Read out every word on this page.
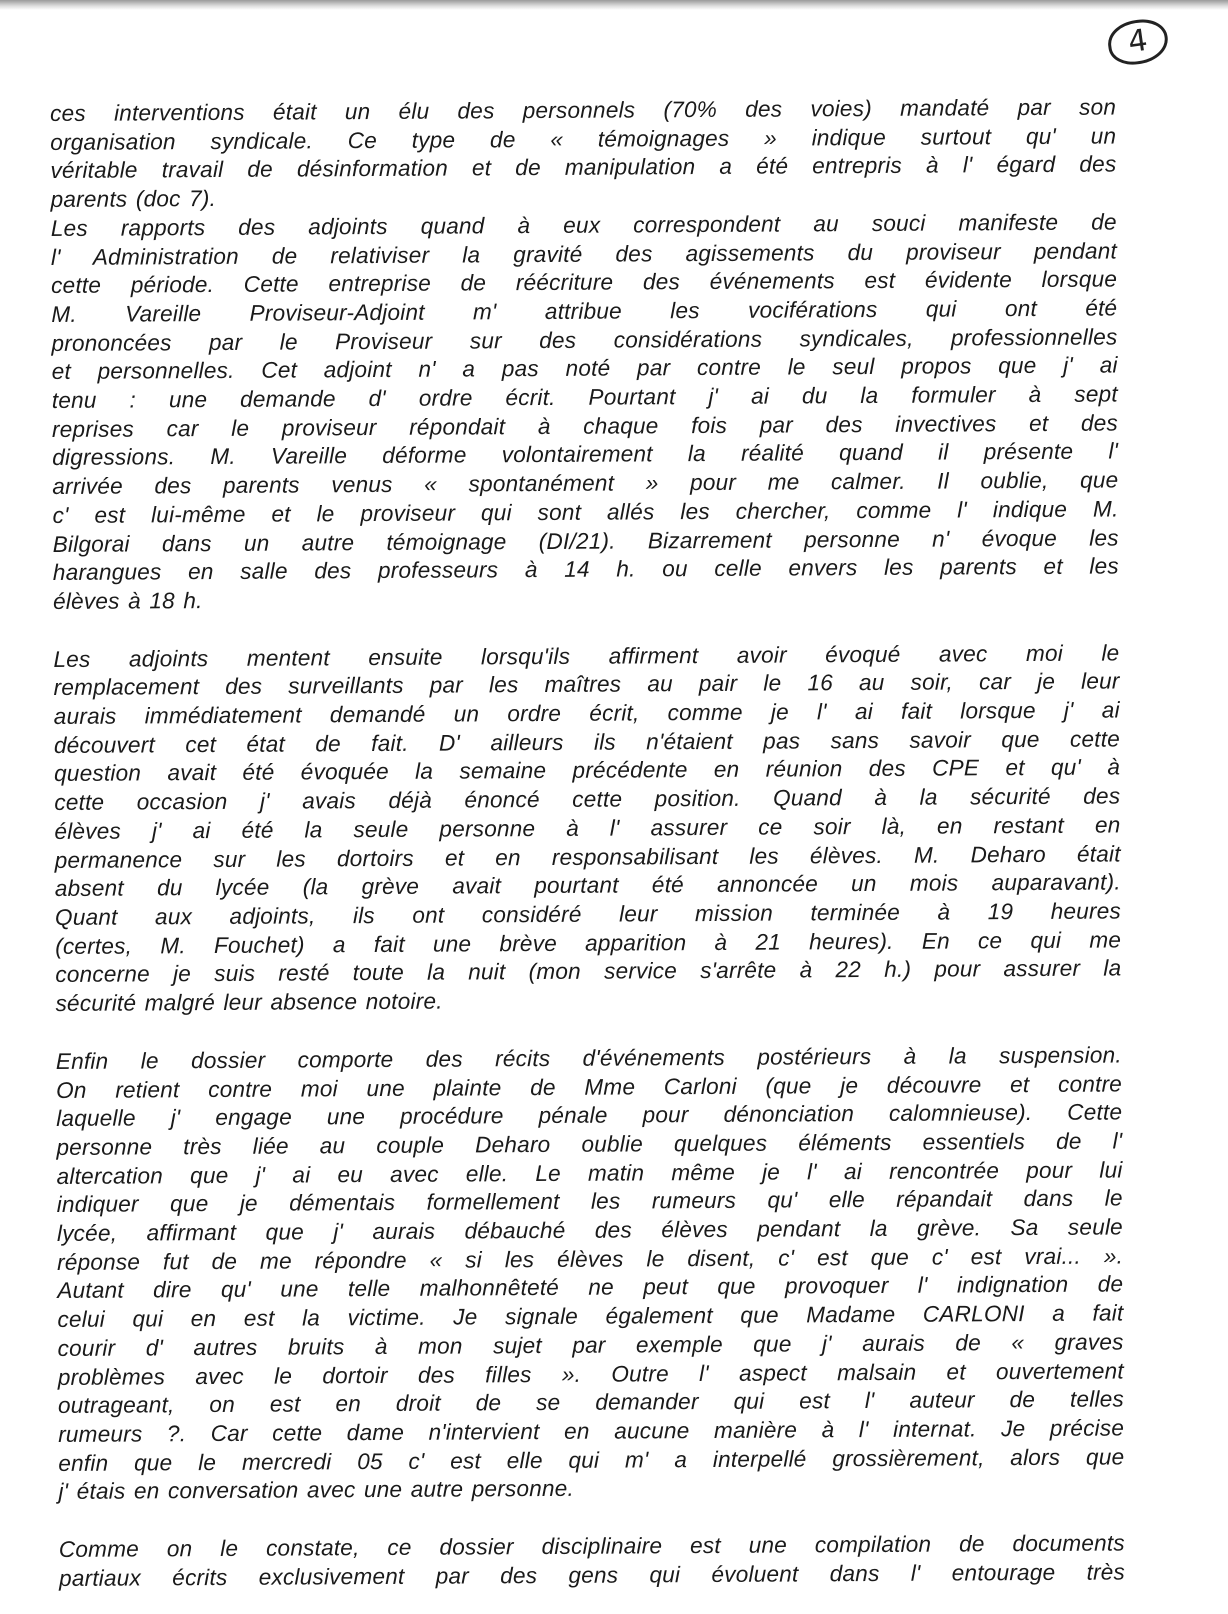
4

ces interventions était un élu des personnels (70% des voies) mandaté par son
organisation syndicale. Ce type de « témoignages » indique surtout qu' un
véritable travail de désinformation et de manipulation a été entrepris à l' égard des
parents (doc 7).

Les rapports des adjoints quand à eux correspondent au souci manifeste de
l' Administration de relativiser la gravité des agissements du proviseur pendant
cette période. Cette entreprise de réécriture des événements est évidente lorsque
M. Vareille Proviseur-Adjoint m' attribue les vociférations qui ont été
prononcées par le Proviseur sur des considérations syndicales, professionnelles
et personnelles. Cet adjoint n' a pas noté par contre le seul propos que j' ai
tenu : une demande d' ordre écrit. Pourtant j' ai du la formuler à sept
reprises car le proviseur répondait à chaque fois par des invectives et des
digressions. M. Vareille déforme volontairement la réalité quand il présente l'
arrivée des parents venus « spontanément » pour me calmer. Il oublie, que
c' est lui-même et le proviseur qui sont allés les chercher, comme l' indique M.
Bilgorai dans un autre témoignage (DI/21). Bizarrement personne n' évoque les
harangues en salle des professeurs à 14 h. ou celle envers les parents et les
élèves à 18 h.

Les adjoints mentent ensuite lorsqu'ils affirment avoir évoqué avec moi le
remplacement des surveillants par les maîtres au pair le 16 au soir, car je leur
aurais immédiatement demandé un ordre écrit, comme je l' ai fait lorsque j' ai
découvert cet état de fait. D' ailleurs ils n'étaient pas sans savoir que cette
question avait été évoquée la semaine précédente en réunion des CPE et qu' à
cette occasion j' avais déjà énoncé cette position. Quand à la sécurité des
élèves j' ai été la seule personne à l' assurer ce soir là, en restant en
permanence sur les dortoirs et en responsabilisant les élèves. M. Deharo était
absent du lycée (la grève avait pourtant été annoncée un mois auparavant).
Quant aux adjoints, ils ont considéré leur mission terminée à 19 heures
(certes, M. Fouchet) a fait une brève apparition à 21 heures). En ce qui me
concerne je suis resté toute la nuit (mon service s'arrête à 22 h.) pour assurer la
sécurité malgré leur absence notoire.

Enfin le dossier comporte des récits d'événements postérieurs à la suspension.
On retient contre moi une plainte de Mme Carloni (que je découvre et contre
laquelle j' engage une procédure pénale pour dénonciation calomnieuse). Cette
personne très liée au couple Deharo oublie quelques éléments essentiels de l'
altercation que j' ai eu avec elle. Le matin même je l' ai rencontrée pour lui
indiquer que je démentais formellement les rumeurs qu' elle répandait dans le
lycée, affirmant que j' aurais débauché des élèves pendant la grève. Sa seule
réponse fut de me répondre « si les élèves le disent, c' est que c' est vrai... ».
Autant dire qu' une telle malhonnêteté ne peut que provoquer l' indignation de
celui qui en est la victime. Je signale également que Madame CARLONI a fait
courir d' autres bruits à mon sujet par exemple que j' aurais de « graves
problèmes avec le dortoir des filles ». Outre l' aspect malsain et ouvertement
outrageant, on est en droit de se demander qui est l' auteur de telles
rumeurs ?. Car cette dame n'intervient en aucune manière à l' internat. Je précise
enfin que le mercredi 05 c' est elle qui m' a interpellé grossièrement, alors que
j' étais en conversation avec une autre personne.

Comme on le constate, ce dossier disciplinaire est une compilation de documents
partiaux écrits exclusivement par des gens qui évoluent dans l' entourage très
